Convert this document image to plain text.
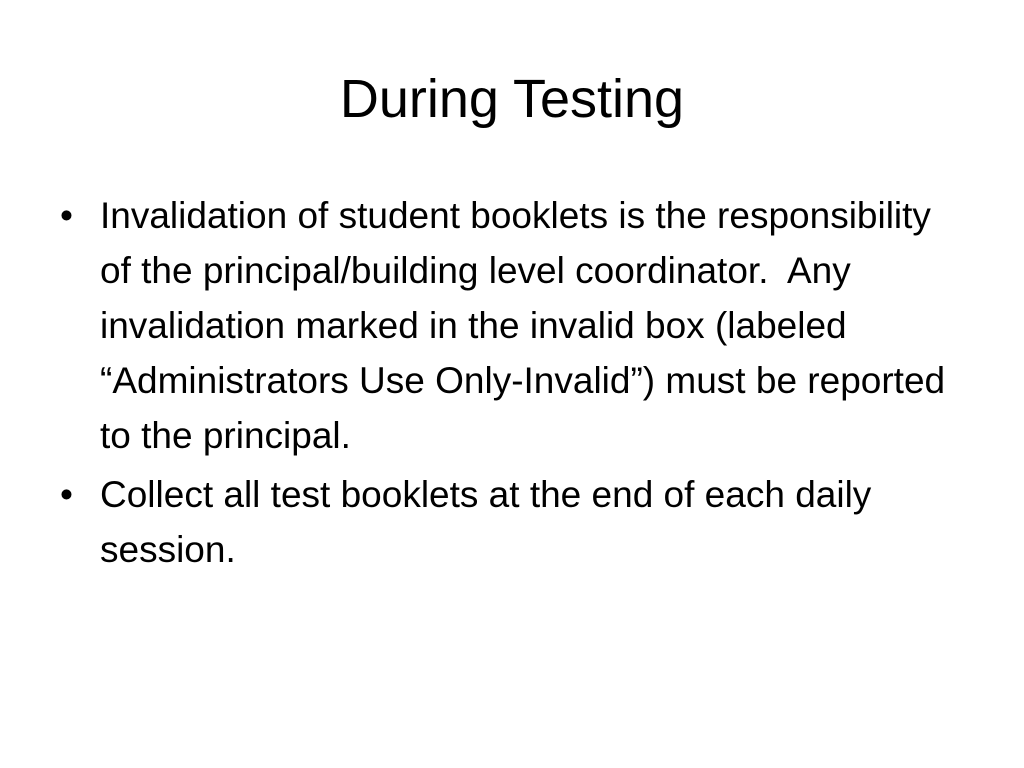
During Testing
• Invalidation of student booklets is the responsibility of the principal/building level coordinator.  Any invalidation marked in the invalid box (labeled “Administrators Use Only-Invalid”) must be reported to the principal.
• Collect all test booklets at the end of each daily session.
